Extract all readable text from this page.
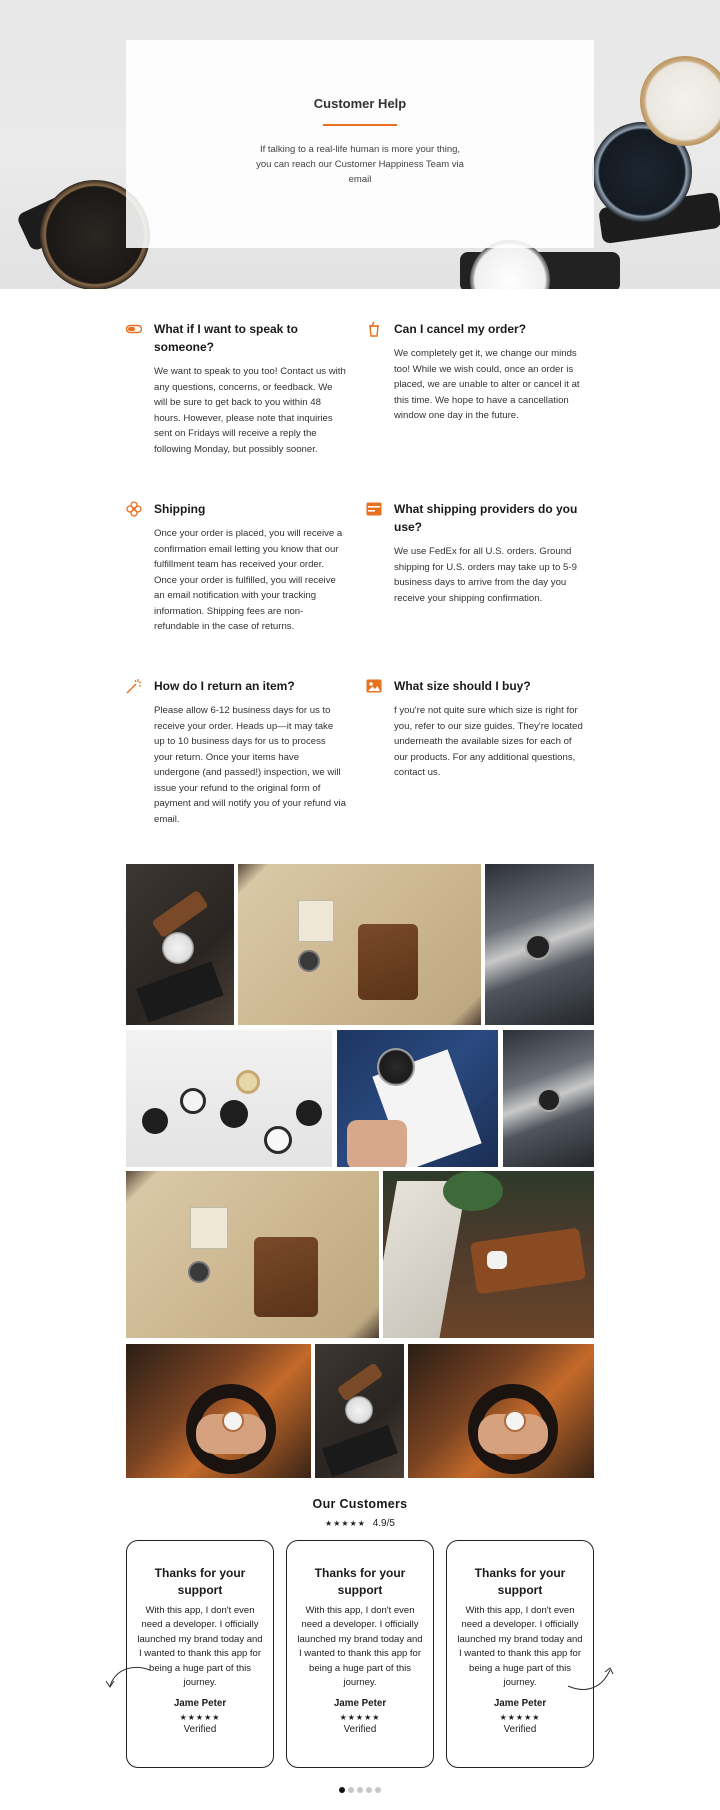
Customer Help
If talking to a real-life human is more your thing, you can reach our Customer Happiness Team via email
What if I want to speak to someone?
We want to speak to you too! Contact us with any questions, concerns, or feedback. We will be sure to get back to you within 48 hours. However, please note that inquiries sent on Fridays will receive a reply the following Monday, but possibly sooner.
Can I cancel my order?
We completely get it, we change our minds too! While we wish could, once an order is placed, we are unable to alter or cancel it at this time. We hope to have a cancellation window one day in the future.
Shipping
Once your order is placed, you will receive a confirmation email letting you know that our fulfillment team has received your order. Once your order is fulfilled, you will receive an email notification with your tracking information. Shipping fees are non-refundable in the case of returns.
What shipping providers do you use?
We use FedEx for all U.S. orders. Ground shipping for U.S. orders may take up to 5-9 business days to arrive from the day you receive your shipping confirmation.
How do I return an item?
Please allow 6-12 business days for us to receive your order. Heads up—it may take up to 10 business days for us to process your return. Once your items have undergone (and passed!) inspection, we will issue your refund to the original form of payment and will notify you of your refund via email.
What size should I buy?
f you're not quite sure which size is right for you, refer to our size guides. They're located underneath the available sizes for each of our products. For any additional questions, contact us.
Our Customers
★★★★★ 4.9/5
Thanks for your support
With this app, I don't even need a developer. I officially launched my brand today and I wanted to thank this app for being a huge part of this journey.
Jame Peter
★★★★★
Verified
Thanks for your support
With this app, I don't even need a developer. I officially launched my brand today and I wanted to thank this app for being a huge part of this journey.
Jame Peter
★★★★★
Verified
Thanks for your support
With this app, I don't even need a developer. I officially launched my brand today and I wanted to thank this app for being a huge part of this journey.
Jame Peter
★★★★★
Verified
